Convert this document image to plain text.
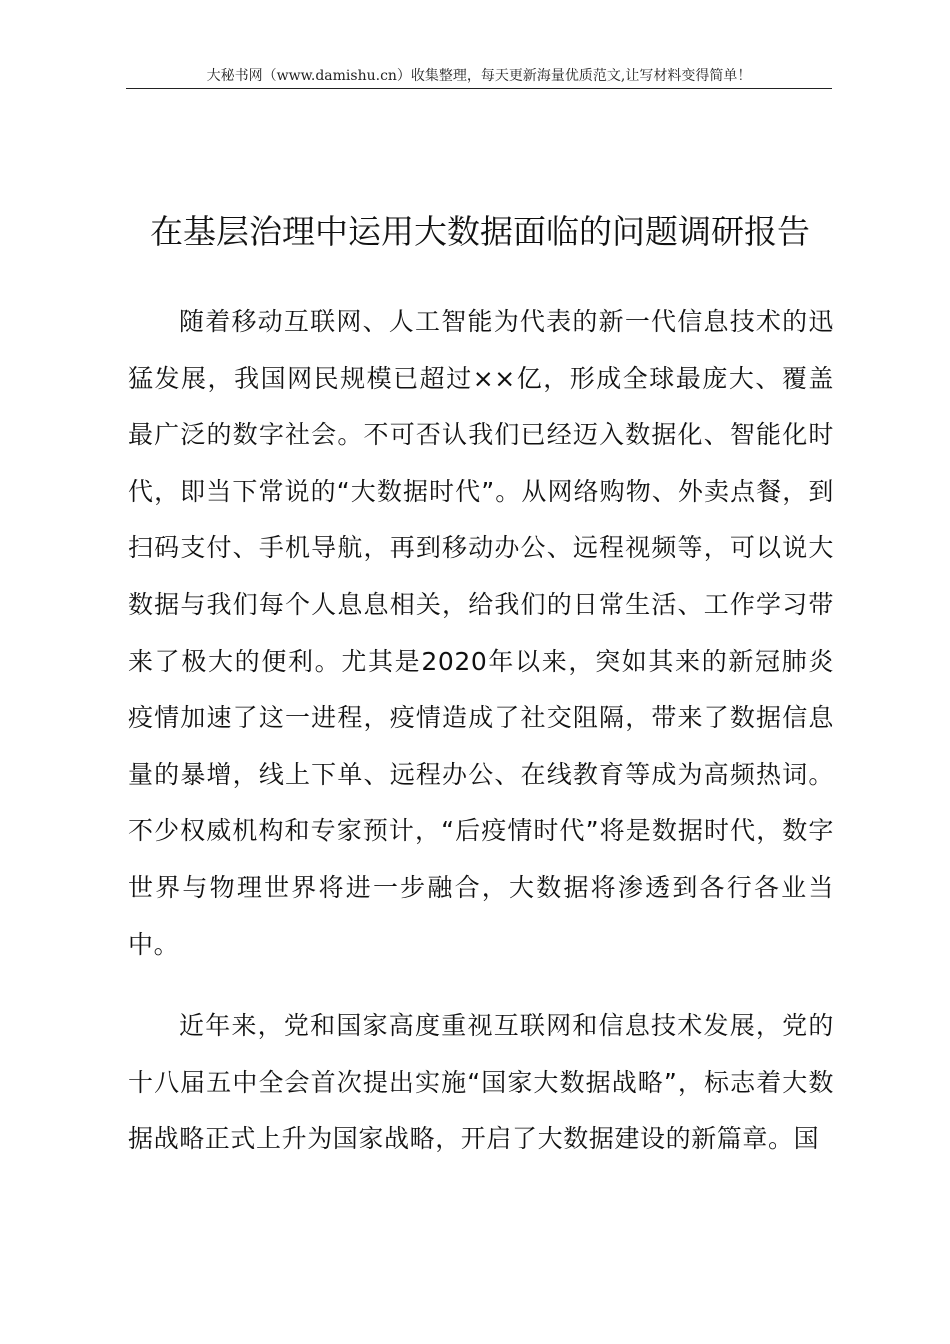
大秘书网（www.damishu.cn）收集整理，每天更新海量优质范文,让写材料变得简单！
在基层治理中运用大数据面临的问题调研报告

随着移动互联网、人工智能为代表的新一代信息技术的迅猛发展，我国网民规模已超过××亿，形成全球最庞大、覆盖最广泛的数字社会。不可否认我们已经迈入数据化、智能化时代，即当下常说的“大数据时代”。从网络购物、外卖点餐，到扫码支付、手机导航，再到移动办公、远程视频等，可以说大数据与我们每个人息息相关，给我们的日常生活、工作学习带来了极大的便利。尤其是2020年以来，突如其来的新冠肺炎疫情加速了这一进程，疫情造成了社交阻隔，带来了数据信息量的暴增，线上下单、远程办公、在线教育等成为高频热词。不少权威机构和专家预计，“后疫情时代”将是数据时代，数字世界与物理世界将进一步融合，大数据将渗透到各行各业当中。

近年来，党和国家高度重视互联网和信息技术发展，党的十八届五中全会首次提出实施“国家大数据战略”，标志着大数据战略正式上升为国家战略，开启了大数据建设的新篇章。国
